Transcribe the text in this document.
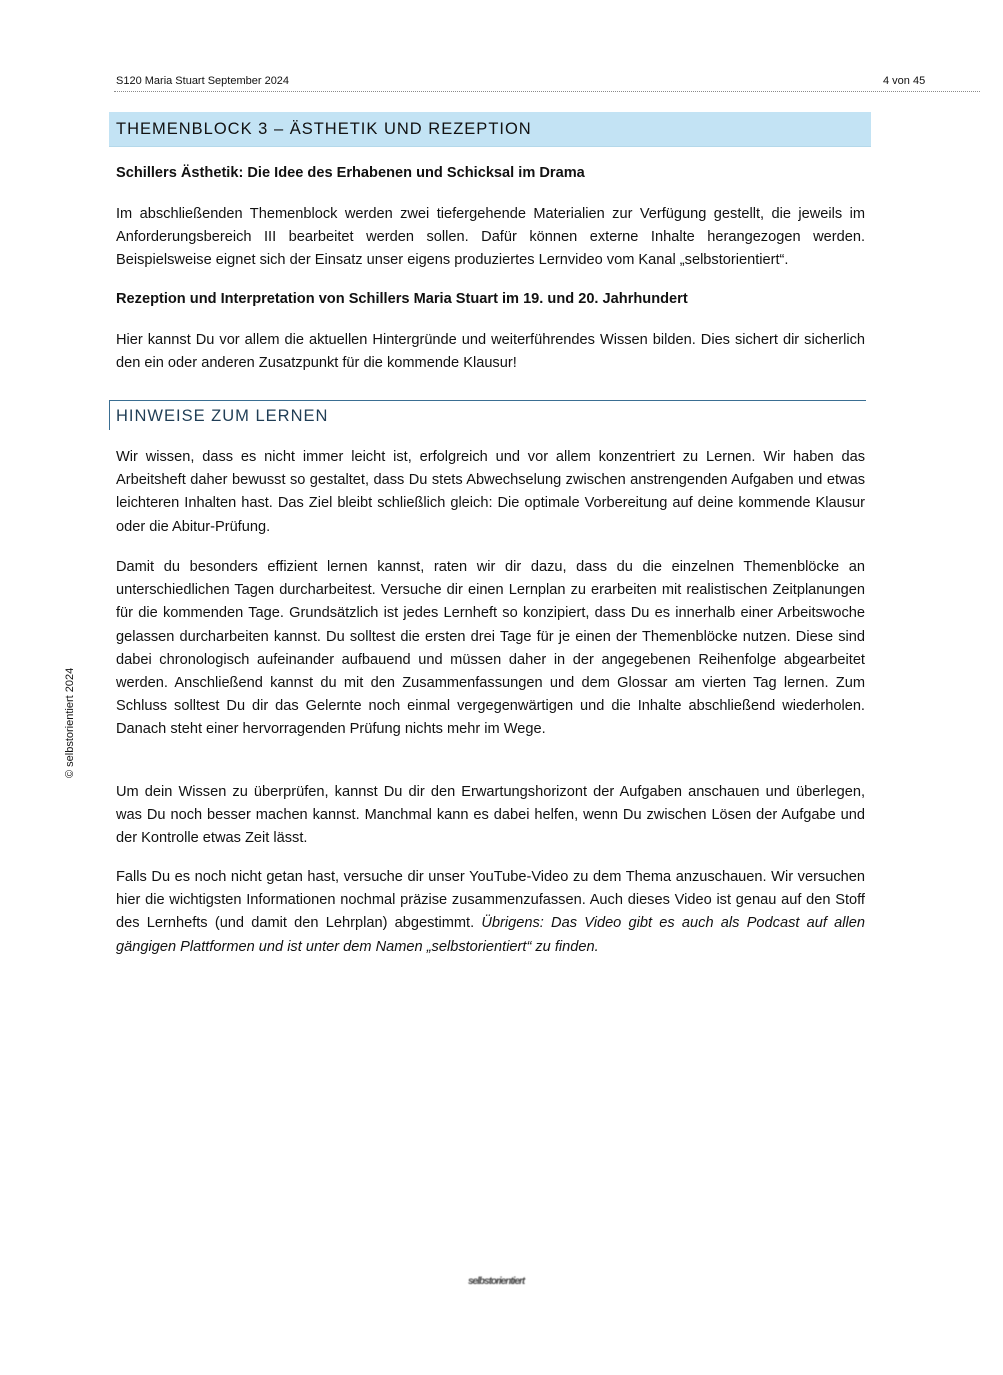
S120 Maria Stuart September 2024	4 von 45
THEMENBLOCK 3 – ÄSTHETIK UND REZEPTION
Schillers Ästhetik: Die Idee des Erhabenen und Schicksal im Drama
Im abschließenden Themenblock werden zwei tiefergehende Materialien zur Verfügung gestellt, die jeweils im Anforderungsbereich III bearbeitet werden sollen. Dafür können externe Inhalte herangezogen werden. Beispielsweise eignet sich der Einsatz unser eigens produziertes Lernvideo vom Kanal „selbstorientiert“.
Rezeption und Interpretation von Schillers Maria Stuart im 19. und 20. Jahrhundert
Hier kannst Du vor allem die aktuellen Hintergründe und weiterführendes Wissen bilden. Dies sichert dir sicherlich den ein oder anderen Zusatzpunkt für die kommende Klausur!
HINWEISE ZUM LERNEN
Wir wissen, dass es nicht immer leicht ist, erfolgreich und vor allem konzentriert zu Lernen. Wir haben das Arbeitsheft daher bewusst so gestaltet, dass Du stets Abwechselung zwischen anstrengenden Aufgaben und etwas leichteren Inhalten hast. Das Ziel bleibt schließlich gleich: Die optimale Vorbereitung auf deine kommende Klausur oder die Abitur-Prüfung.
Damit du besonders effizient lernen kannst, raten wir dir dazu, dass du die einzelnen Themenblöcke an unterschiedlichen Tagen durcharbeitest. Versuche dir einen Lernplan zu erarbeiten mit realistischen Zeitplanungen für die kommenden Tage. Grundsätzlich ist jedes Lernheft so konzipiert, dass Du es innerhalb einer Arbeitswoche gelassen durcharbeiten kannst. Du solltest die ersten drei Tage für je einen der Themenblöcke nutzen. Diese sind dabei chronologisch aufeinander aufbauend und müssen daher in der angegebenen Reihenfolge abgearbeitet werden. Anschließend kannst du mit den Zusammenfassungen und dem Glossar am vierten Tag lernen. Zum Schluss solltest Du dir das Gelernte noch einmal vergegenwärtigen und die Inhalte abschließend wiederholen. Danach steht einer hervorragenden Prüfung nichts mehr im Wege.
Um dein Wissen zu überprüfen, kannst Du dir den Erwartungshorizont der Aufgaben anschauen und überlegen, was Du noch besser machen kannst. Manchmal kann es dabei helfen, wenn Du zwischen Lösen der Aufgabe und der Kontrolle etwas Zeit lässt.
Falls Du es noch nicht getan hast, versuche dir unser YouTube-Video zu dem Thema anzuschauen. Wir versuchen hier die wichtigsten Informationen nochmal präzise zusammenzufassen. Auch dieses Video ist genau auf den Stoff des Lernhefts (und damit den Lehrplan) abgestimmt. Übrigens: Das Video gibt es auch als Podcast auf allen gängigen Plattformen und ist unter dem Namen „selbstorientiert“ zu finden.
© selbstorientiert 2024
selbstorientiert
